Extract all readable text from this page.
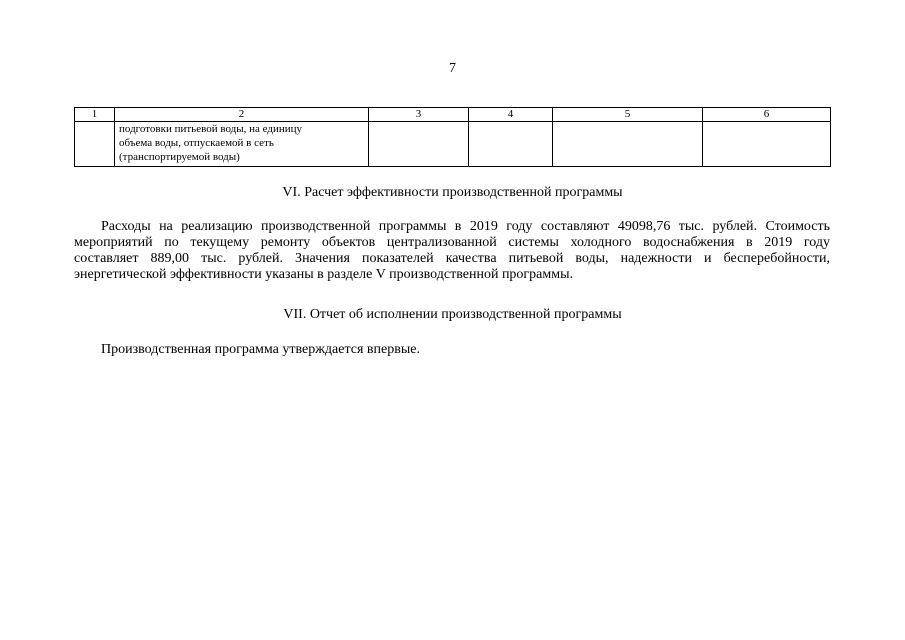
7
1	2	3	4	5	6

	подготовки питьевой воды, на единицу
объема воды, отпускаемой в сеть
(транспортируемой воды)				

VI. Расчет эффективности производственной программы
Расходы на реализацию производственной программы в 2019 году составляют 49098,76 тыс. рублей. Стоимость
мероприятий по текущему ремонту объектов централизованной системы холодного водоснабжения в 2019 году
составляет 889,00 тыс. рублей. Значения показателей качества питьевой воды, надежности и бесперебойности,
энергетической эффективности указаны в разделе V производственной программы.
VII. Отчет об исполнении производственной программы
Производственная программа утверждается впервые.
